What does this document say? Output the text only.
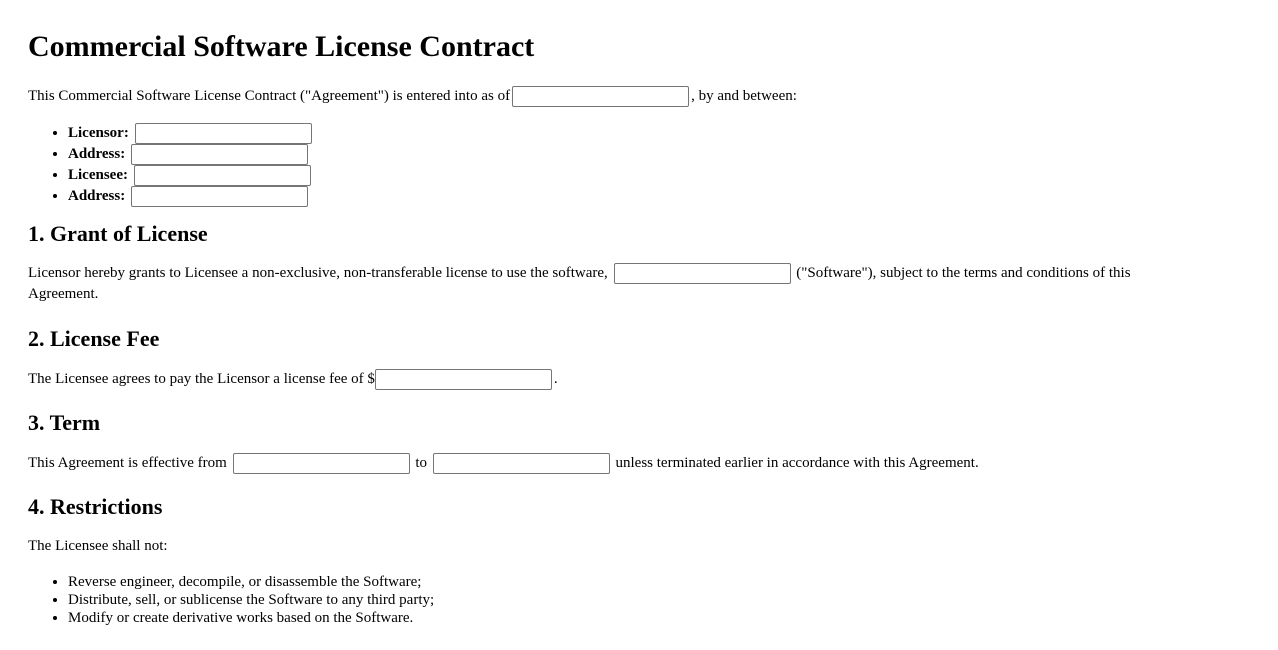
Commercial Software License Contract

This Commercial Software License Contract ("Agreement") is entered into as of	, by and between:

• Licensor:
• Address:
• Licensee:
• Address:
1. Grant of License

Licensor hereby grants to Licensee a non-exclusive, non-transferable license to use the software,	("Software"), subject to the terms and conditions of this Agreement.

2. License Fee

The Licensee agrees to pay the Licensor a license fee of $	.

3. Term

This Agreement is effective from	to	unless terminated earlier in accordance with this Agreement.

4. Restrictions

The Licensee shall not:

• Reverse engineer, decompile, or disassemble the Software;
• Distribute, sell, or sublicense the Software to any third party;
• Modify or create derivative works based on the Software.
